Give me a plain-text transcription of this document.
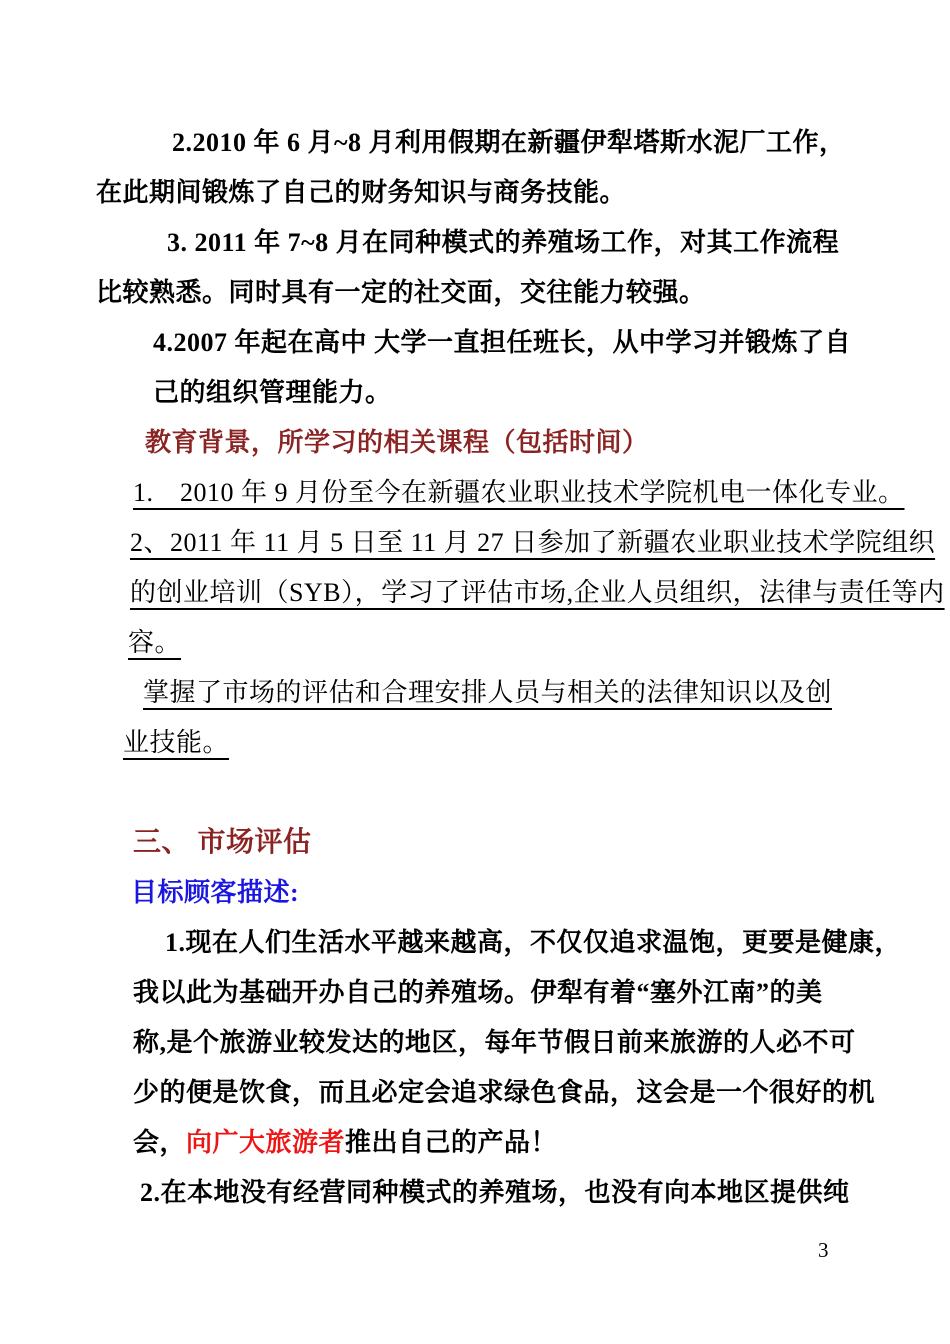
2.2010 年 6 月~8 月利用假期在新疆伊犁塔斯水泥厂工作，
在此期间锻炼了自己的财务知识与商务技能。
3. 2011 年 7~8 月在同种模式的养殖场工作，对其工作流程
比较熟悉。同时具有一定的社交面，交往能力较强。
4.2007 年起在高中 大学一直担任班长，从中学习并锻炼了自
己的组织管理能力。
教育背景，所学习的相关课程（包括时间）
1.　2010 年 9 月份至今在新疆农业职业技术学院机电一体化专业。
2、2011 年 11 月 5 日至 11 月 27 日参加了新疆农业职业技术学院组织
的创业培训（SYB），学习了评估市场,企业人员组织，法律与责任等内
容。
掌握了市场的评估和合理安排人员与相关的法律知识以及创
业技能。
三、 市场评估
目标顾客描述:
1.现在人们生活水平越来越高，不仅仅追求温饱，更要是健康，
我以此为基础开办自己的养殖场。伊犁有着“塞外江南”的美
称,是个旅游业较发达的地区，每年节假日前来旅游的人必不可
少的便是饮食，而且必定会追求绿色食品，这会是一个很好的机
会，向广大旅游者推出自己的产品！
2.在本地没有经营同种模式的养殖场，也没有向本地区提供纯
3
